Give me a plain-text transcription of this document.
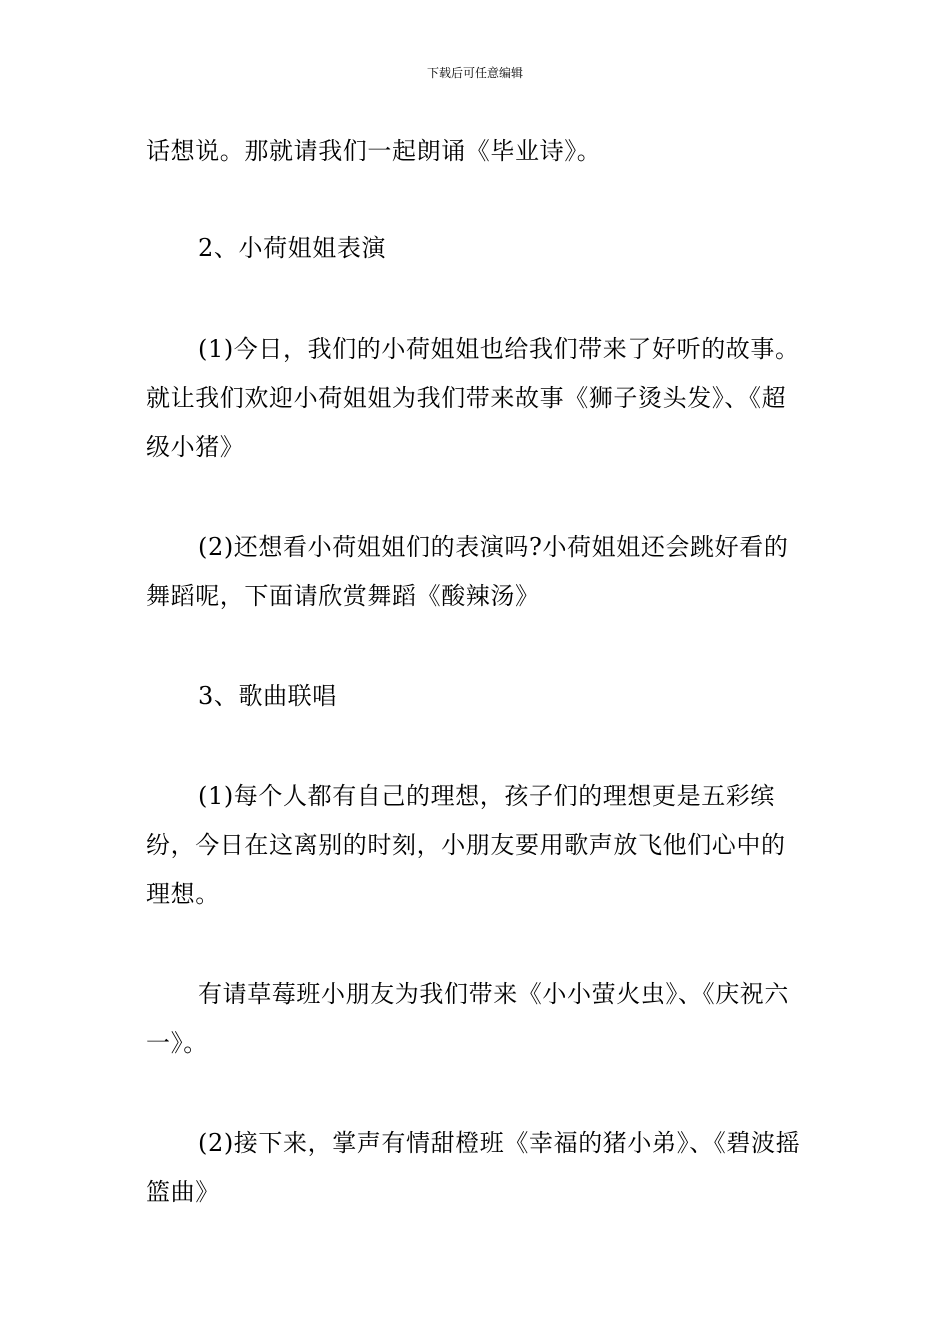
下载后可任意编辑

话想说。那就请我们一起朗诵《毕业诗》。

2、小荷姐姐表演

(1)今日，我们的小荷姐姐也给我们带来了好听的故事。就让我们欢迎小荷姐姐为我们带来故事《狮子烫头发》、《超级小猪》

(2)还想看小荷姐姐们的表演吗?小荷姐姐还会跳好看的舞蹈呢，下面请欣赏舞蹈《酸辣汤》

3、歌曲联唱

(1)每个人都有自己的理想，孩子们的理想更是五彩缤纷，今日在这离别的时刻，小朋友要用歌声放飞他们心中的理想。

有请草莓班小朋友为我们带来《小小萤火虫》、《庆祝六一》。

(2)接下来，掌声有情甜橙班《幸福的猪小弟》、《碧波摇篮曲》
